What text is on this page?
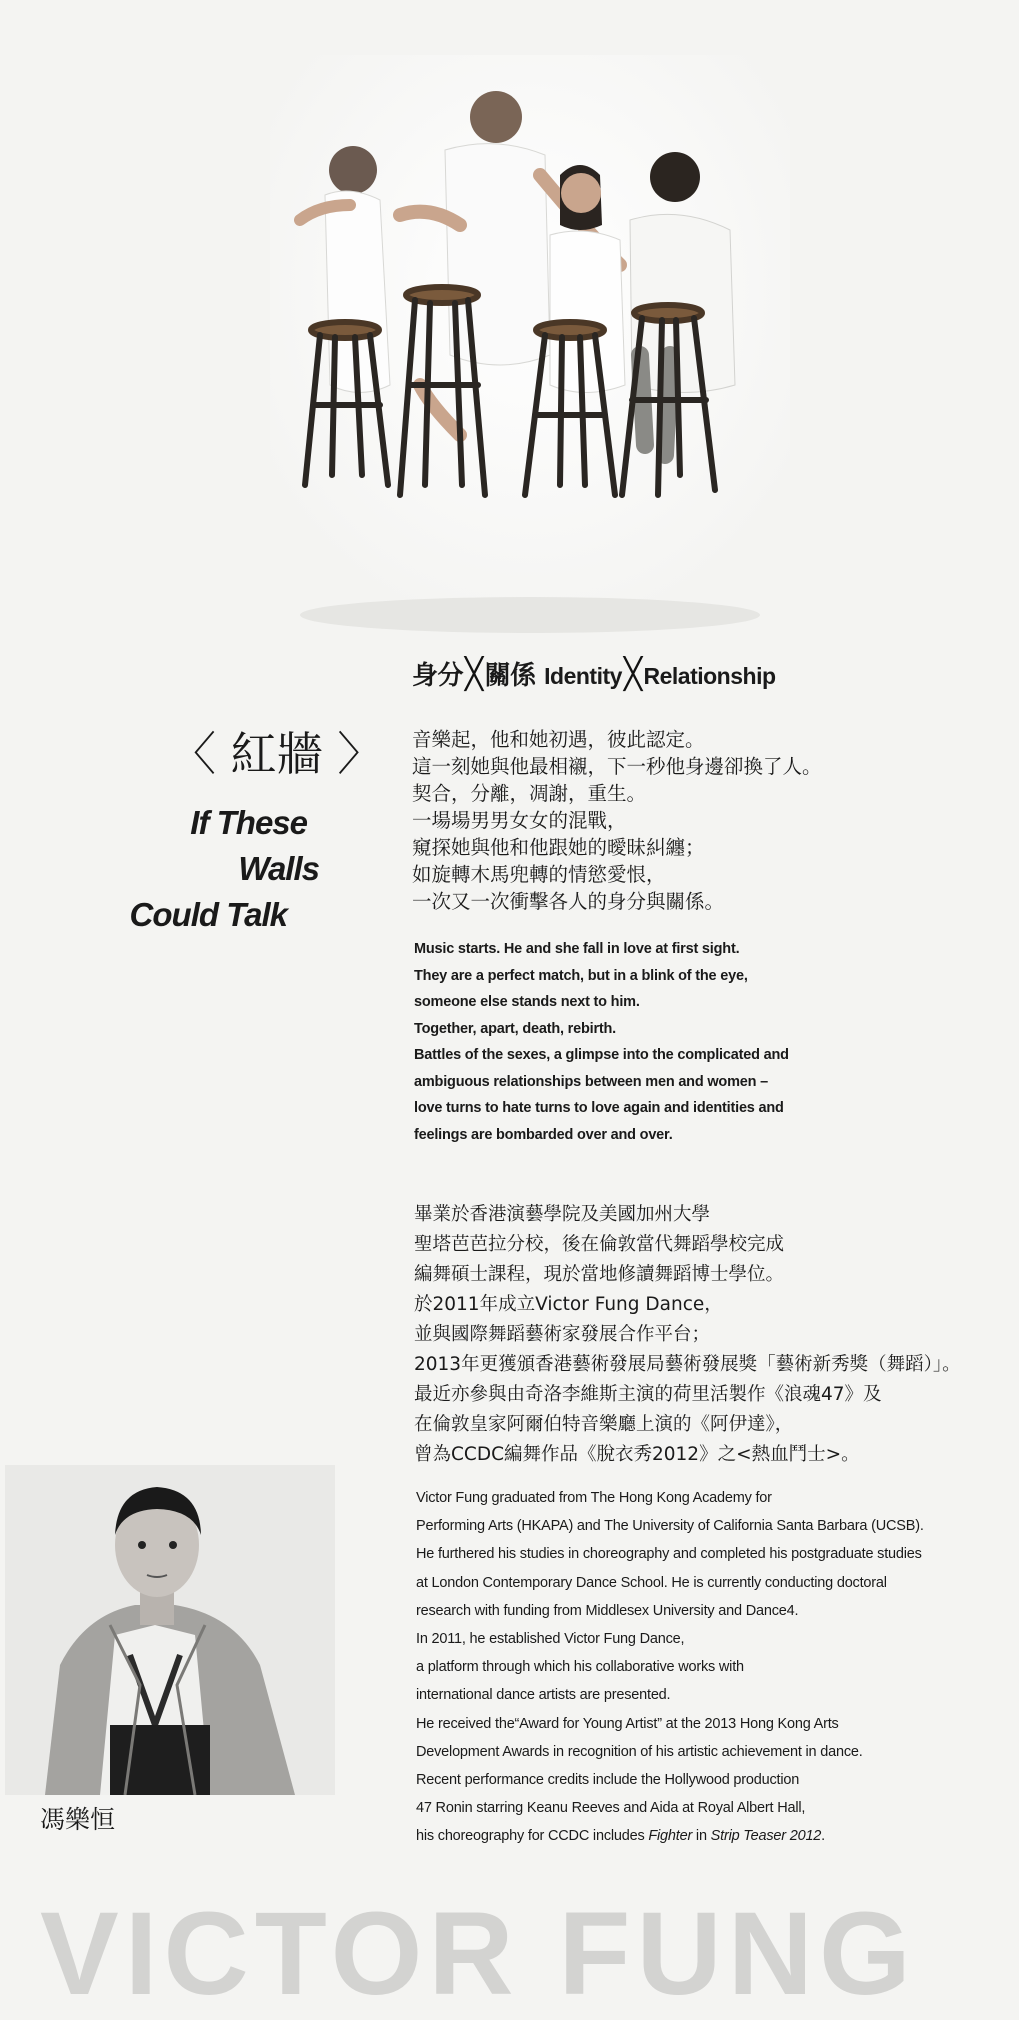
身分╳關係 Identity╳Relationship
〈 紅牆 〉
If These
Walls
Could Talk
音樂起，他和她初遇，彼此認定。
這一刻她與他最相襯，下一秒他身邊卻換了人。
契合，分離，凋謝，重生。
一場場男男女女的混戰，
窺探她與他和他跟她的曖昧糾纏；
如旋轉木馬兜轉的情慾愛恨，
一次又一次衝擊各人的身分與關係。
Music starts. He and she fall in love at first sight.
They are a perfect match, but in a blink of the eye,
someone else stands next to him.
Together, apart, death, rebirth.
Battles of the sexes, a glimpse into the complicated and
ambiguous relationships between men and women –
love turns to hate turns to love again and identities and
feelings are bombarded over and over.
畢業於香港演藝學院及美國加州大學
聖塔芭芭拉分校，後在倫敦當代舞蹈學校完成
編舞碩士課程，現於當地修讀舞蹈博士學位。
於2011年成立Victor Fung Dance，
並與國際舞蹈藝術家發展合作平台；
2013年更獲頒香港藝術發展局藝術發展獎「藝術新秀獎（舞蹈）」。
最近亦參與由奇洛李維斯主演的荷里活製作《浪魂47》及
在倫敦皇家阿爾伯特音樂廳上演的《阿伊達》，
曾為CCDC編舞作品《脫衣秀2012》之<熱血鬥士>。
Victor Fung graduated from The Hong Kong Academy for
Performing Arts (HKAPA) and The University of California Santa Barbara (UCSB).
He furthered his studies in choreography and completed his postgraduate studies
at London Contemporary Dance School. He is currently conducting doctoral
research with funding from Middlesex University and Dance4.
In 2011, he established Victor Fung Dance,
a platform through which his collaborative works with
international dance artists are presented.
He received the“Award for Young Artist” at the 2013 Hong Kong Arts
Development Awards in recognition of his artistic achievement in dance.
Recent performance credits include the Hollywood production
47 Ronin starring Keanu Reeves and Aida at Royal Albert Hall,
his choreography for CCDC includes Fighter in Strip Teaser 2012.
馮樂恒
VICTOR FUNG
